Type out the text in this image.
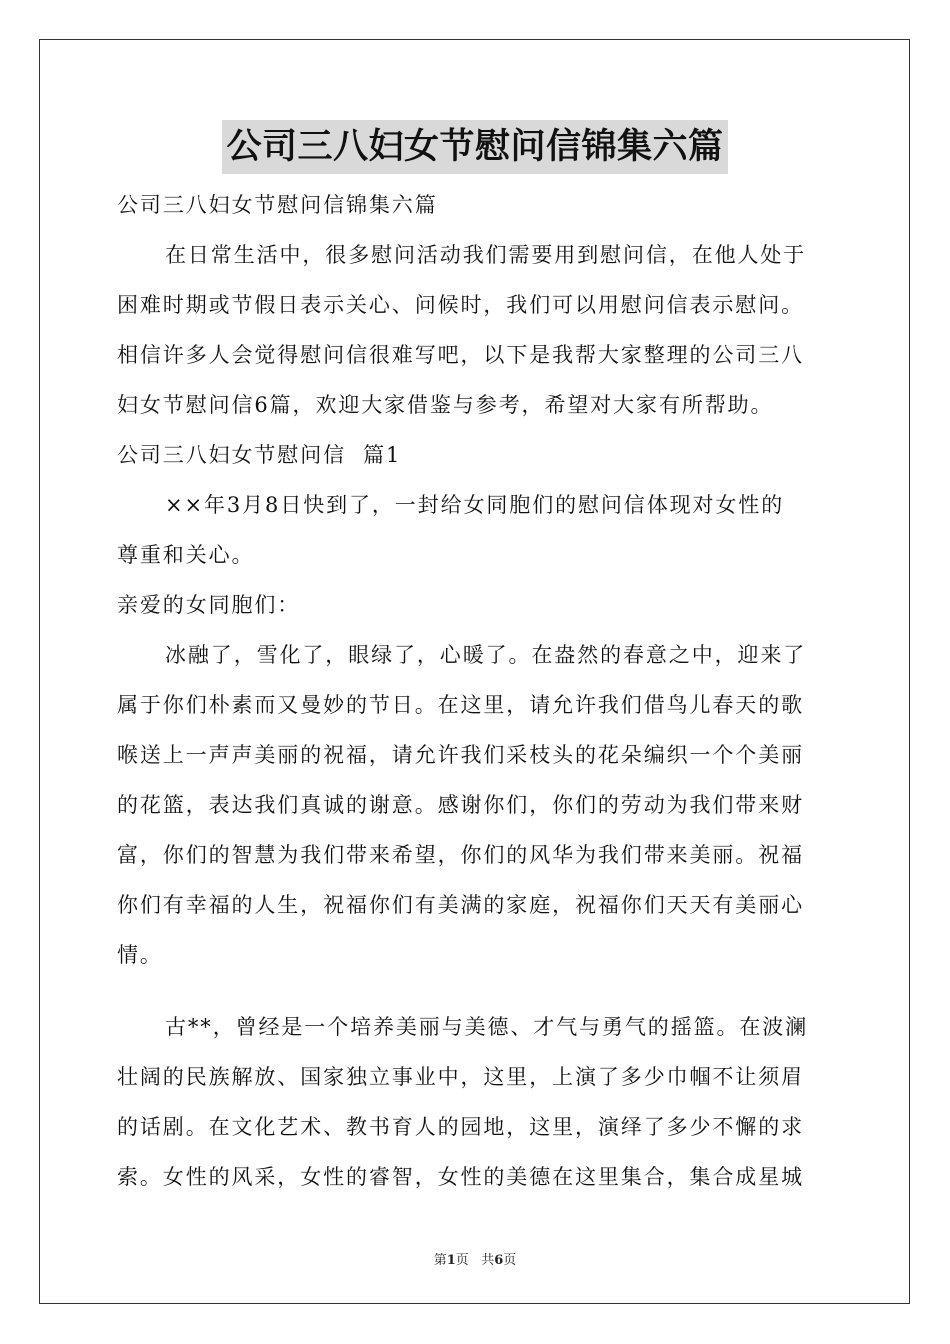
公司三八妇女节慰问信锦集六篇

公司三八妇女节慰问信锦集六篇

在日常生活中，很多慰问活动我们需要用到慰问信，在他人处于

困难时期或节假日表示关心、问候时，我们可以用慰问信表示慰问。

相信许多人会觉得慰问信很难写吧，以下是我帮大家整理的公司三八

妇女节慰问信6篇，欢迎大家借鉴与参考，希望对大家有所帮助。

公司三八妇女节慰问信  篇1

××年3月8日快到了，一封给女同胞们的慰问信体现对女性的

尊重和关心。

亲爱的女同胞们：

冰融了，雪化了，眼绿了，心暖了。在盎然的春意之中，迎来了

属于你们朴素而又曼妙的节日。在这里，请允许我们借鸟儿春天的歌

喉送上一声声美丽的祝福，请允许我们采枝头的花朵编织一个个美丽

的花篮，表达我们真诚的谢意。感谢你们，你们的劳动为我们带来财

富，你们的智慧为我们带来希望，你们的风华为我们带来美丽。祝福

你们有幸福的人生，祝福你们有美满的家庭，祝福你们天天有美丽心

情。

古**，曾经是一个培养美丽与美德、才气与勇气的摇篮。在波澜

壮阔的民族解放、国家独立事业中，这里，上演了多少巾帼不让须眉

的话剧。在文化艺术、教书育人的园地，这里，演绎了多少不懈的求

索。女性的风采，女性的睿智，女性的美德在这里集合，集合成星城

第1页 共6页
